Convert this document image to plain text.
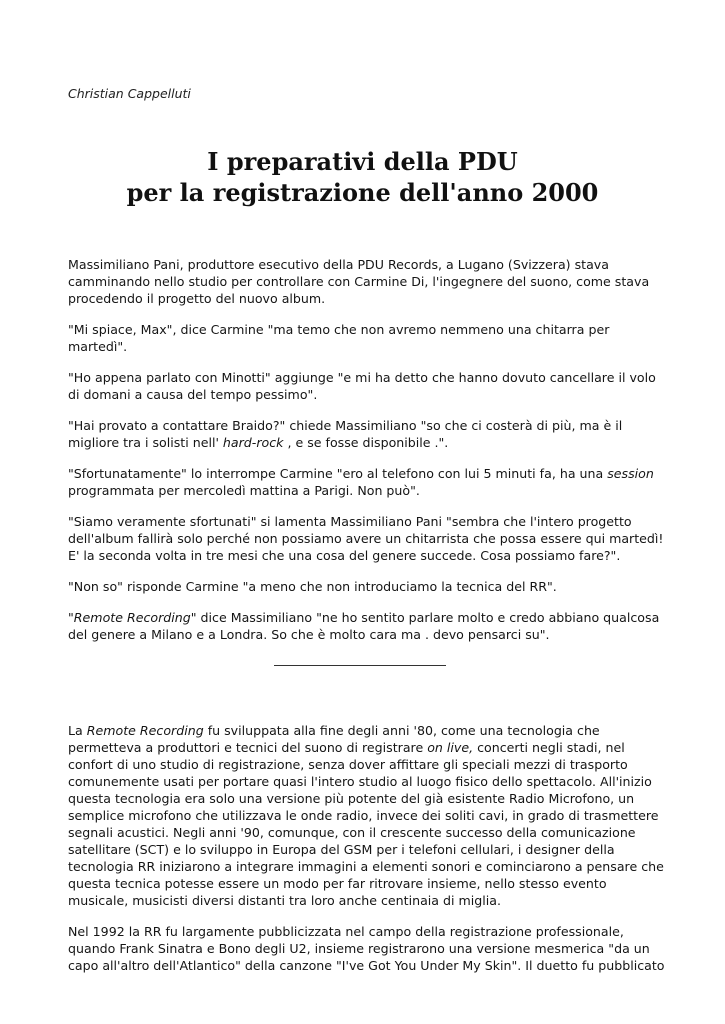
Christian Cappelluti
I preparativi della PDU
per la registrazione dell'anno 2000

Massimiliano Pani, produttore esecutivo della PDU Records, a Lugano (Svizzera) stava camminando nello studio per controllare con Carmine Di, l'ingegnere del suono, come stava procedendo il progetto del nuovo album.

"Mi spiace, Max", dice Carmine "ma temo che non avremo nemmeno una chitarra per martedì".

"Ho appena parlato con Minotti" aggiunge "e mi ha detto che hanno dovuto cancellare il volo di domani a causa del tempo pessimo".

"Hai provato a contattare Braido?" chiede Massimiliano "so che ci costerà di più, ma è il migliore tra i solisti nell' hard-rock , e se fosse disponibile .".

"Sfortunatamente" lo interrompe Carmine "ero al telefono con lui 5 minuti fa, ha una session programmata per mercoledì mattina a Parigi. Non può".

"Siamo veramente sfortunati" si lamenta Massimiliano Pani "sembra che l'intero progetto dell'album fallirà solo perché non possiamo avere un chitarrista che possa essere qui martedì! E' la seconda volta in tre mesi che una cosa del genere succede. Cosa possiamo fare?".

"Non so" risponde Carmine "a meno che non introduciamo la tecnica del RR".

"Remote Recording" dice Massimiliano "ne ho sentito parlare molto e credo abbiano qualcosa del genere a Milano e a Londra. So che è molto cara ma . devo pensarci su".

La Remote Recording fu sviluppata alla fine degli anni '80, come una tecnologia che permetteva a produttori e tecnici del suono di registrare on live, concerti negli stadi, nel confort di uno studio di registrazione, senza dover affittare gli speciali mezzi di trasporto comunemente usati per portare quasi l'intero studio al luogo fisico dello spettacolo. All'inizio questa tecnologia era solo una versione più potente del già esistente Radio Microfono, un semplice microfono che utilizzava le onde radio, invece dei soliti cavi, in grado di trasmettere segnali acustici. Negli anni '90, comunque, con il crescente successo della comunicazione satellitare (SCT) e lo sviluppo in Europa del GSM per i telefoni cellulari, i designer della tecnologia RR iniziarono a integrare immagini a elementi sonori e cominciarono a pensare che questa tecnica potesse essere un modo per far ritrovare insieme, nello stesso evento musicale, musicisti diversi distanti tra loro anche centinaia di miglia.

Nel 1992 la RR fu largamente pubblicizzata nel campo della registrazione professionale, quando Frank Sinatra e Bono degli U2, insieme registrarono una versione mesmerica "da un capo all'altro dell'Atlantico" della canzone "I've Got You Under My Skin". Il duetto fu pubblicato
